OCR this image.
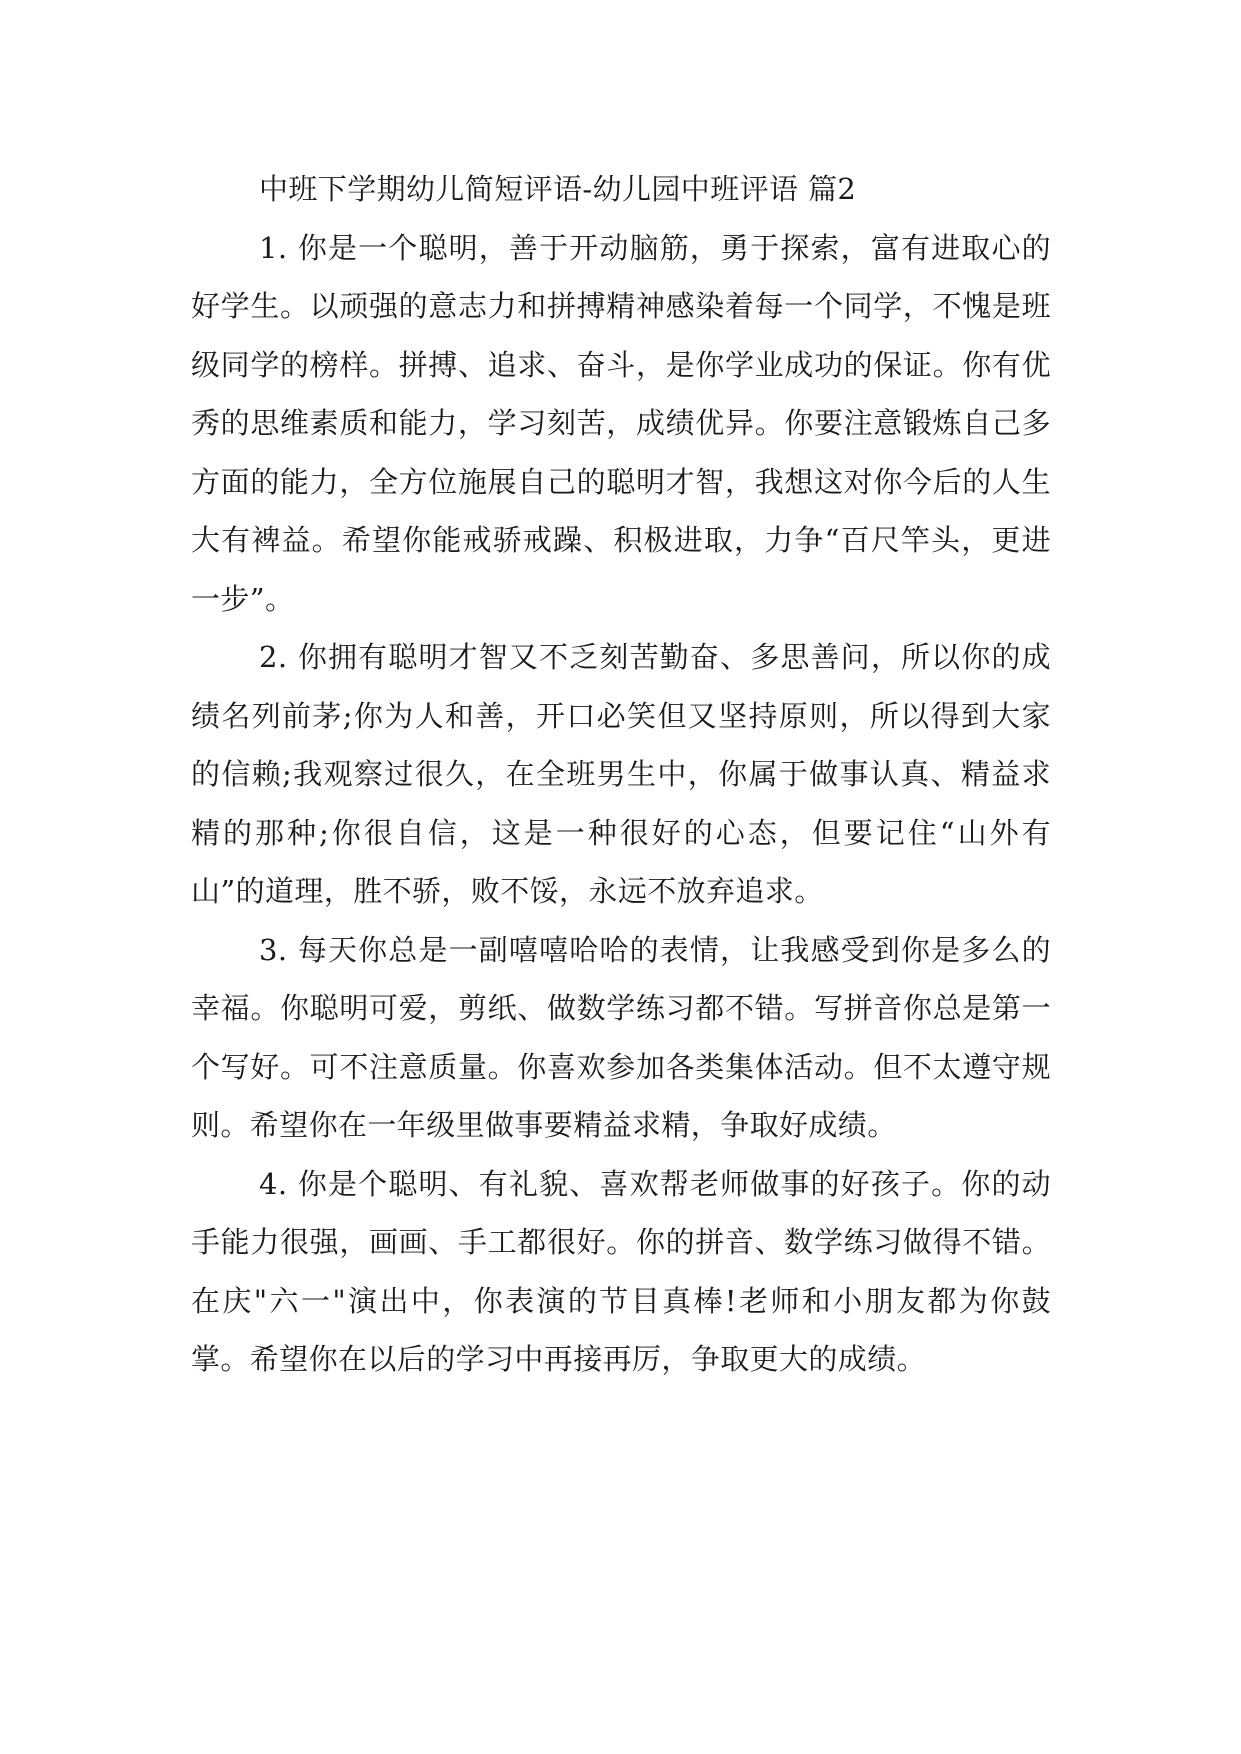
中班下学期幼儿简短评语-幼儿园中班评语 篇2

1. 你是一个聪明，善于开动脑筋，勇于探索，富有进取心的好学生。以顽强的意志力和拼搏精神感染着每一个同学，不愧是班级同学的榜样。拼搏、追求、奋斗，是你学业成功的保证。你有优秀的思维素质和能力，学习刻苦，成绩优异。你要注意锻炼自己多方面的能力，全方位施展自己的聪明才智，我想这对你今后的人生大有裨益。希望你能戒骄戒躁、积极进取，力争“百尺竿头，更进一步”。

2. 你拥有聪明才智又不乏刻苦勤奋、多思善问，所以你的成绩名列前茅;你为人和善，开口必笑但又坚持原则，所以得到大家的信赖;我观察过很久，在全班男生中，你属于做事认真、精益求精的那种;你很自信，这是一种很好的心态，但要记住“山外有山”的道理，胜不骄，败不馁，永远不放弃追求。

3. 每天你总是一副嘻嘻哈哈的表情，让我感受到你是多么的幸福。你聪明可爱，剪纸、做数学练习都不错。写拼音你总是第一个写好。可不注意质量。你喜欢参加各类集体活动。但不太遵守规则。希望你在一年级里做事要精益求精，争取好成绩。

4. 你是个聪明、有礼貌、喜欢帮老师做事的好孩子。你的动手能力很强，画画、手工都很好。你的拼音、数学练习做得不错。在庆"六一"演出中，你表演的节目真棒!老师和小朋友都为你鼓掌。希望你在以后的学习中再接再厉，争取更大的成绩。
